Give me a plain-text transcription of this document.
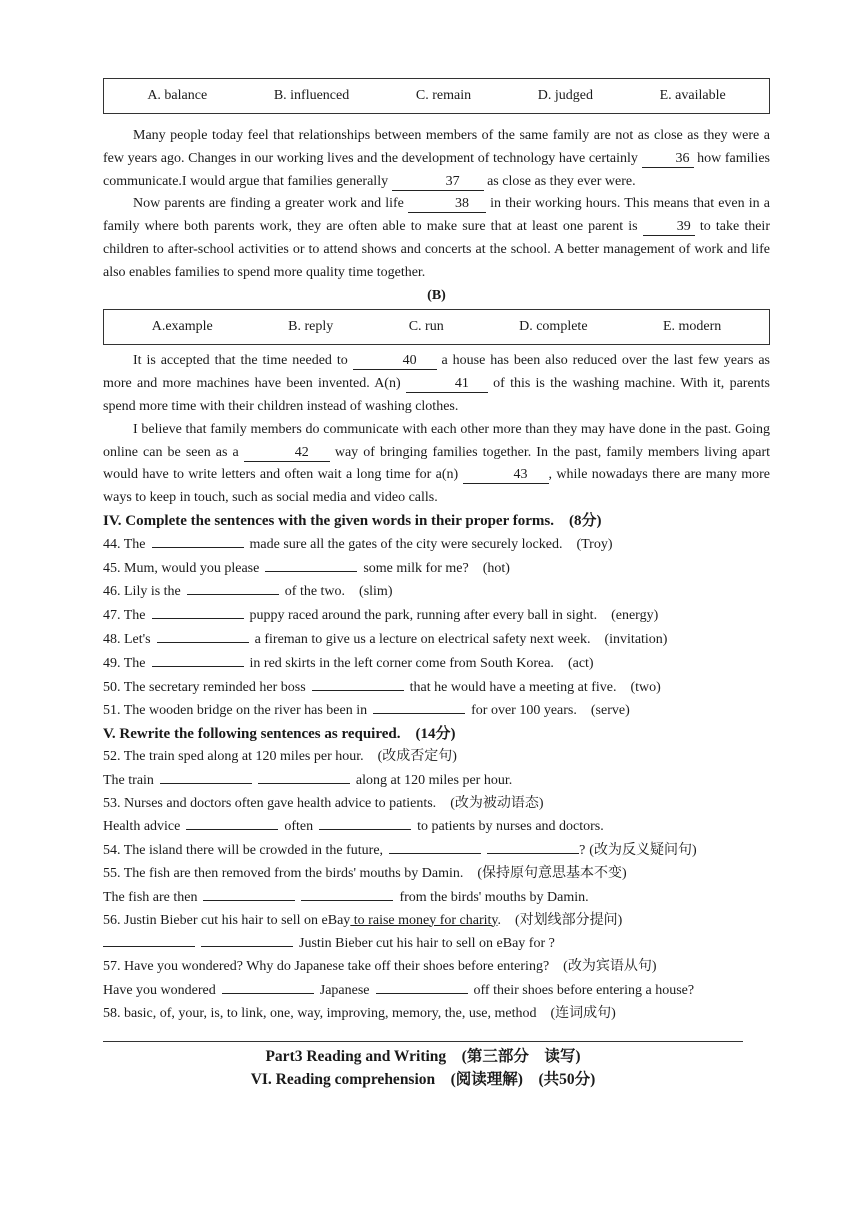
A. balance	B. influenced	C. remain	D. judged	E. available

Many people today feel that relationships between members of the same family are not as close as they were a few years ago. Changes in our working lives and the development of technology have certainly 36 how families communicate.I would argue that families generally	37 as close as they ever were.

Now parents are finding a greater work and life	38 in their working hours. This means that even in a family where both parents work, they are often able to make sure that at least one parent is 39 to take their children to after-school activities or to attend shows and concerts at the school. A better management of work and life also enables families to spend more quality time together.

(B)

A.example	B. reply	C. run	D. complete	E. modern

It is accepted that the time needed to	40 a house has been also reduced over the last few years as more and more machines have been invented. A(n)	41 of this is the washing machine. With it, parents spend more time with their children instead of washing clothes.

I believe that family members do communicate with each other more than they may have done in the past. Going online can be seen as a	42 way of bringing families together. In the past, family members living apart would have to write letters and often wait a long time for a(n)	43 , while nowadays there are many more ways to keep in touch, such as social media and video calls.

IV. Complete the sentences with the given words in their proper forms.　(8分)

44. The	made sure all the gates of the city were securely locked. (Troy)

45. Mum, would you please	some milk for me? (hot)

46. Lily is the	of the two. (slim)

47. The	puppy raced around the park, running after every ball in sight. (energy)

48. Let's	a fireman to give us a lecture on electrical safety next week. (invitation)

49. The	in red skirts in the left corner come from South Korea. (act)

50. The secretary reminded her boss	that he would have a meeting at five. (two)

51. The wooden bridge on the river has been in	for over 100 years. (serve)

V. Rewrite the following sentences as required.　(14分)

52. The train sped along at 120 miles per hour. (改成否定句)

The train	along at 120 miles per hour.

53. Nurses and doctors often gave health advice to patients. (改为被动语态)

Health advice	often	to patients by nurses and doctors.

54. The island there will be crowded in the future,	? (改为反义疑问句)

55. The fish are then removed from the birds' mouths by Damin. (保持原句意思基本不变)

The fish are then	from the birds' mouths by Damin.

56. Justin Bieber cut his hair to sell on eBay to raise money for charity. (对划线部分提问)

Justin Bieber cut his hair to sell on eBay for ?

57. Have you wondered? Why do Japanese take off their shoes before entering? (改为宾语从句)

Have you wondered	Japanese	off their shoes before entering a house?

58. basic, of, your, is, to link, one, way, improving, memory, the, use, method (连词成句)

Part3 Reading and Writing　(第三部分　读写)

VI. Reading comprehension　(阅读理解)　(共50分)
